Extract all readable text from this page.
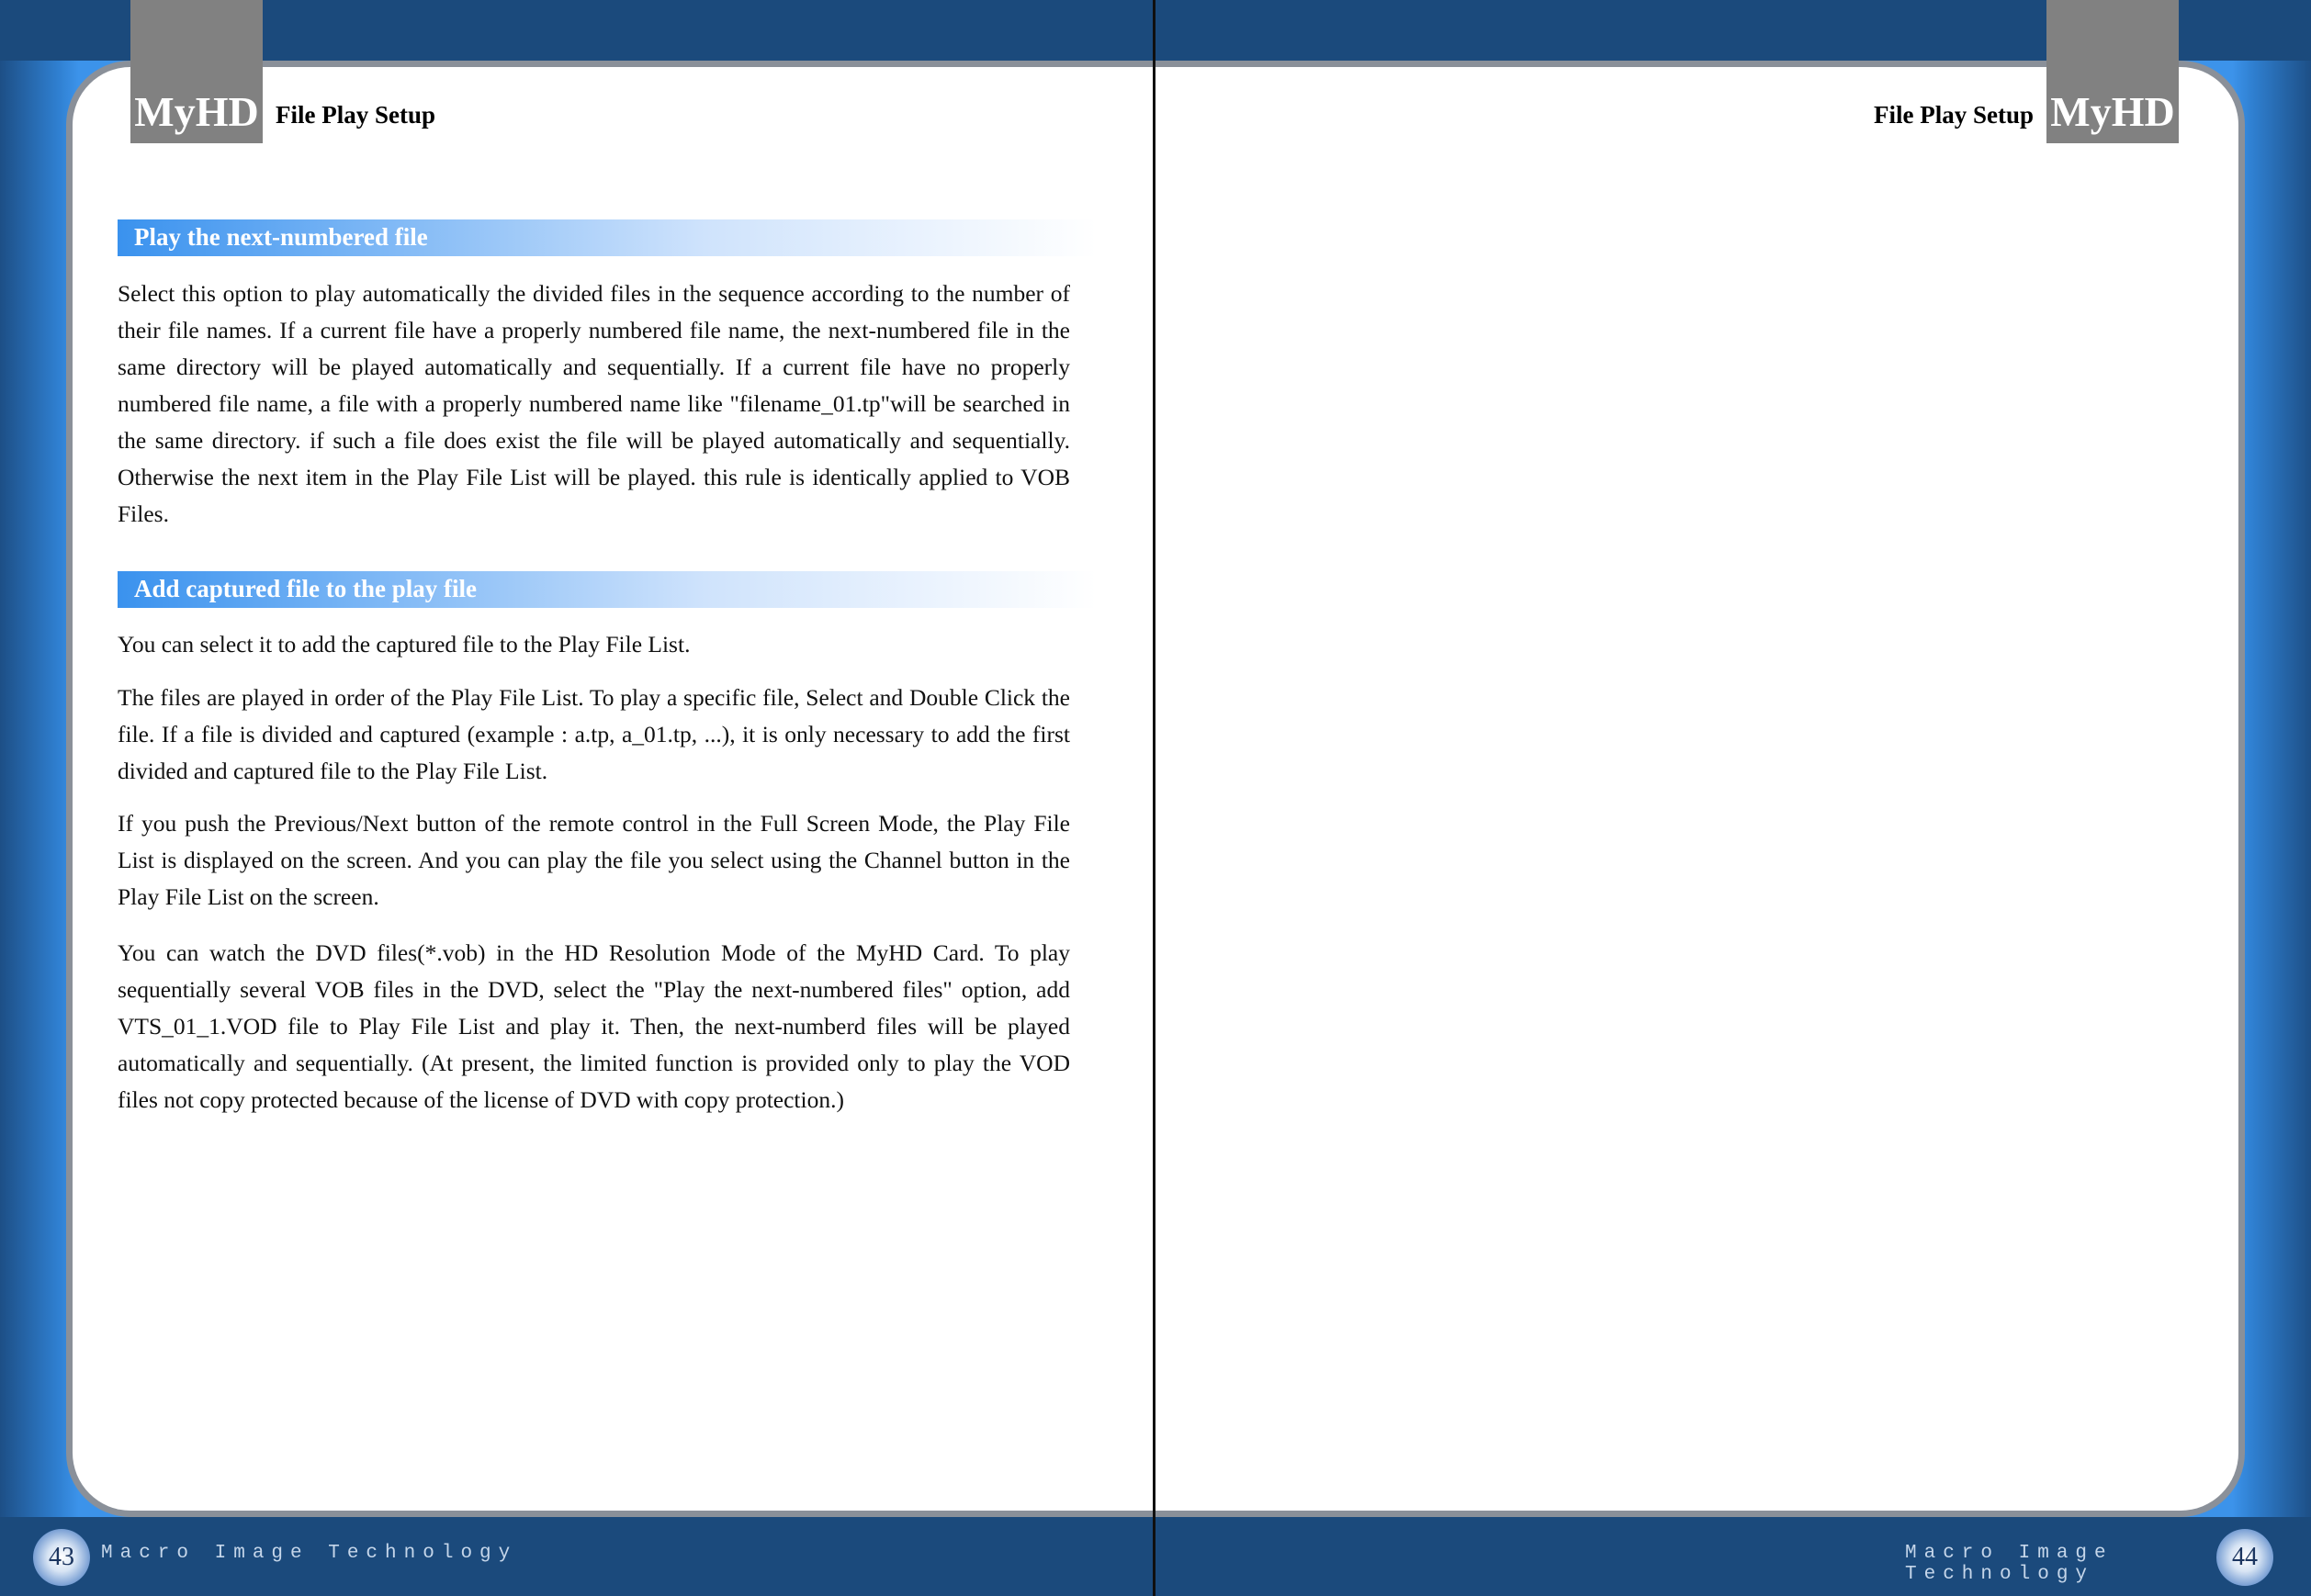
MyHD	MyHD
File Play Setup	File Play Setup
Play the next-numbered file

Select this option to play automatically the divided files in the sequence according to the number of their file names. If a current file have a properly numbered file name, the next-numbered file in the same directory will be played automatically and sequentially. If a current file have no properly numbered file name, a file with a properly numbered name like "filename_01.tp"will be searched in the same directory. if such a file does exist the file will be played automatically and sequentially. Otherwise the next item in the Play File List will be played. this rule is identically applied to VOB Files.

Add captured file to the play file

You can select it to add the captured file to the Play File List.

The files are played in order of the Play File List. To play a specific file, Select and Double Click the file. If a file is divided and captured (example : a.tp, a_01.tp, ...), it is only necessary to add the first divided and captured file to the Play File List.

If you push the Previous/Next button of the remote control in the Full Screen Mode, the Play File List is displayed on the screen. And you can play the file you select using the Channel button in the Play File List on the screen.

You can watch the DVD files(*.vob) in the HD Resolution Mode of the MyHD Card. To play sequentially several VOB files in the DVD, select the "Play the next-numbered files" option, add VTS_01_1.VOD file to Play File List and play it. Then, the next-numberd files will be played automatically and sequentially. (At present, the limited function is provided only to play the VOD files not copy protected because of the license of DVD with copy protection.)

43	Macro Image Technology	Macro Image Technology
44
